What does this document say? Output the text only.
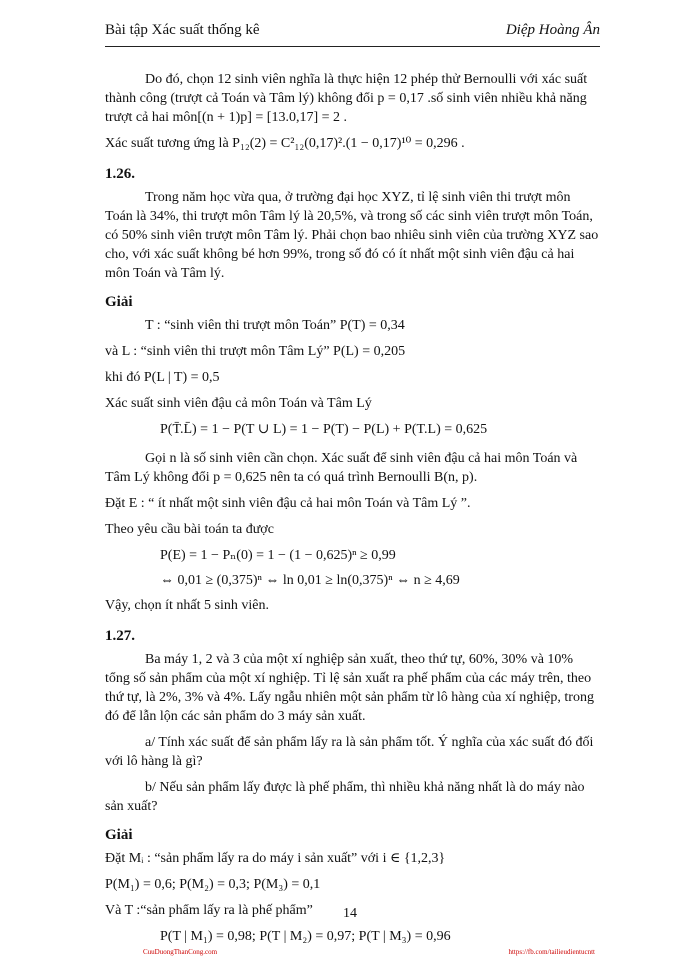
Bài tập Xác suất thống kê	Diệp Hoàng Ân

Do đó, chọn 12 sinh viên nghĩa là thực hiện 12 phép thử Bernoulli với xác suất thành công (trượt cả Toán và Tâm lý) không đổi p = 0,17 .số sinh viên nhiều khả năng trượt cả hai môn[(n + 1)p] = [13.0,17] = 2 .

Xác suất tương ứng là P₁₂(2) = C²₁₂(0,17)².(1 − 0,17)¹⁰ = 0,296 .

1.26.

Trong năm học vừa qua, ở trường đại học XYZ, tỉ lệ sinh viên thi trượt môn Toán là 34%, thi trượt môn Tâm lý là 20,5%, và trong số các sinh viên trượt môn Toán, có 50% sinh viên trượt môn Tâm lý. Phải chọn bao nhiêu sinh viên của trường XYZ sao cho, với xác suất không bé hơn 99%, trong số đó có ít nhất một sinh viên đậu cả hai môn Toán và Tâm lý.

Giải

T : “sinh viên thi trượt môn Toán” P(T) = 0,34

và L : “sinh viên thi trượt môn Tâm Lý” P(L) = 0,205

khi đó P(L | T) = 0,5

Xác suất sinh viên đậu cả môn Toán và Tâm Lý

P(T̄.L̄) = 1 − P(T ∪ L) = 1 − P(T) − P(L) + P(T.L) = 0,625

Gọi n là số sinh viên cần chọn. Xác suất để sinh viên đậu cả hai môn Toán và Tâm Lý không đổi p = 0,625 nên ta có quá trình Bernoulli B(n, p).

Đặt E : “ ít nhất một sinh viên đậu cả hai môn Toán và Tâm Lý ”.

Theo yêu cầu bài toán ta được

P(E) = 1 − Pₙ(0) = 1 − (1 − 0,625)ⁿ ≥ 0,99

⇔ 0,01 ≥ (0,375)ⁿ ⇔ ln 0,01 ≥ ln(0,375)ⁿ ⇔ n ≥ 4,69

Vậy, chọn ít nhất 5 sinh viên.

1.27.

Ba máy 1, 2 và 3 của một xí nghiệp sản xuất, theo thứ tự, 60%, 30% và 10% tổng số sản phẩm của một xí nghiệp. Tỉ lệ sản xuất ra phế phẩm của các máy trên, theo thứ tự, là 2%, 3% và 4%. Lấy ngẫu nhiên một sản phẩm từ lô hàng của xí nghiệp, trong đó để lẫn lộn các sản phẩm do 3 máy sản xuất.

a/ Tính xác suất để sản phẩm lấy ra là sản phẩm tốt. Ý nghĩa của xác suất đó đối với lô hàng là gì?

b/ Nếu sản phẩm lấy được là phế phẩm, thì nhiều khả năng nhất là do máy nào sản xuất?

Giải

Đặt Mᵢ : “sản phẩm lấy ra do máy i sản xuất” với i ∈ {1,2,3}

P(M₁) = 0,6; P(M₂) = 0,3; P(M₃) = 0,1

Và T :“sản phẩm lấy ra là phế phẩm”

P(T | M₁) = 0,98; P(T | M₂) = 0,97; P(T | M₃) = 0,96

14
CuuDuongThanCong.com	https://fb.com/tailieudientucntt
